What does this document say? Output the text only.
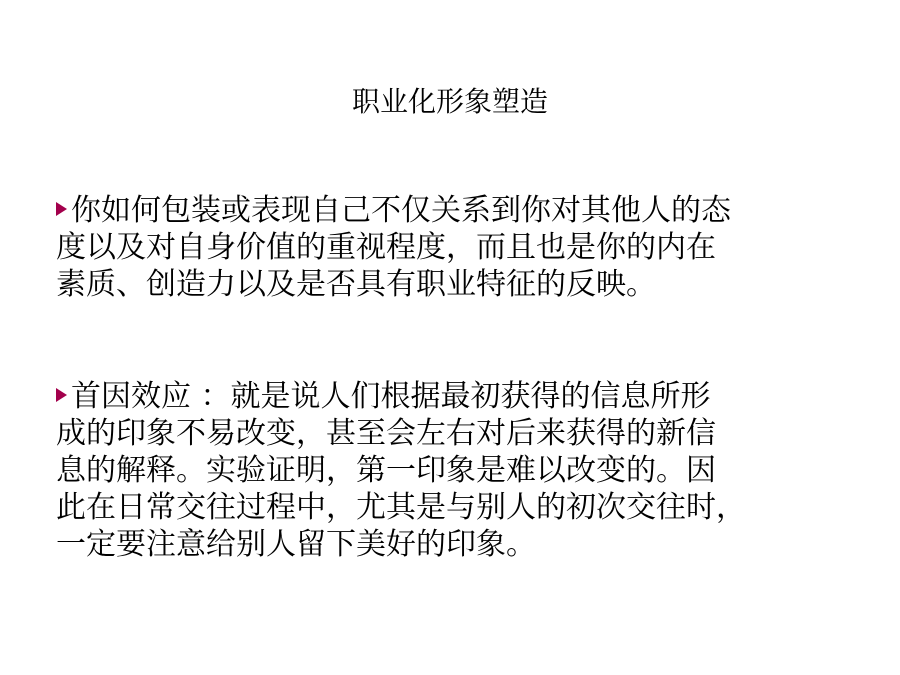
职业化形象塑造
你如何包装或表现自己不仅关系到你对其他人的态
度以及对自身价值的重视程度，而且也是你的内在
素质、创造力以及是否具有职业特征的反映。
首因效应 ：就是说人们根据最初获得的信息所形
成的印象不易改变，甚至会左右对后来获得的新信
息的解释。实验证明，第一印象是难以改变的。因
此在日常交往过程中，尤其是与别人的初次交往时，
一定要注意给别人留下美好的印象。
